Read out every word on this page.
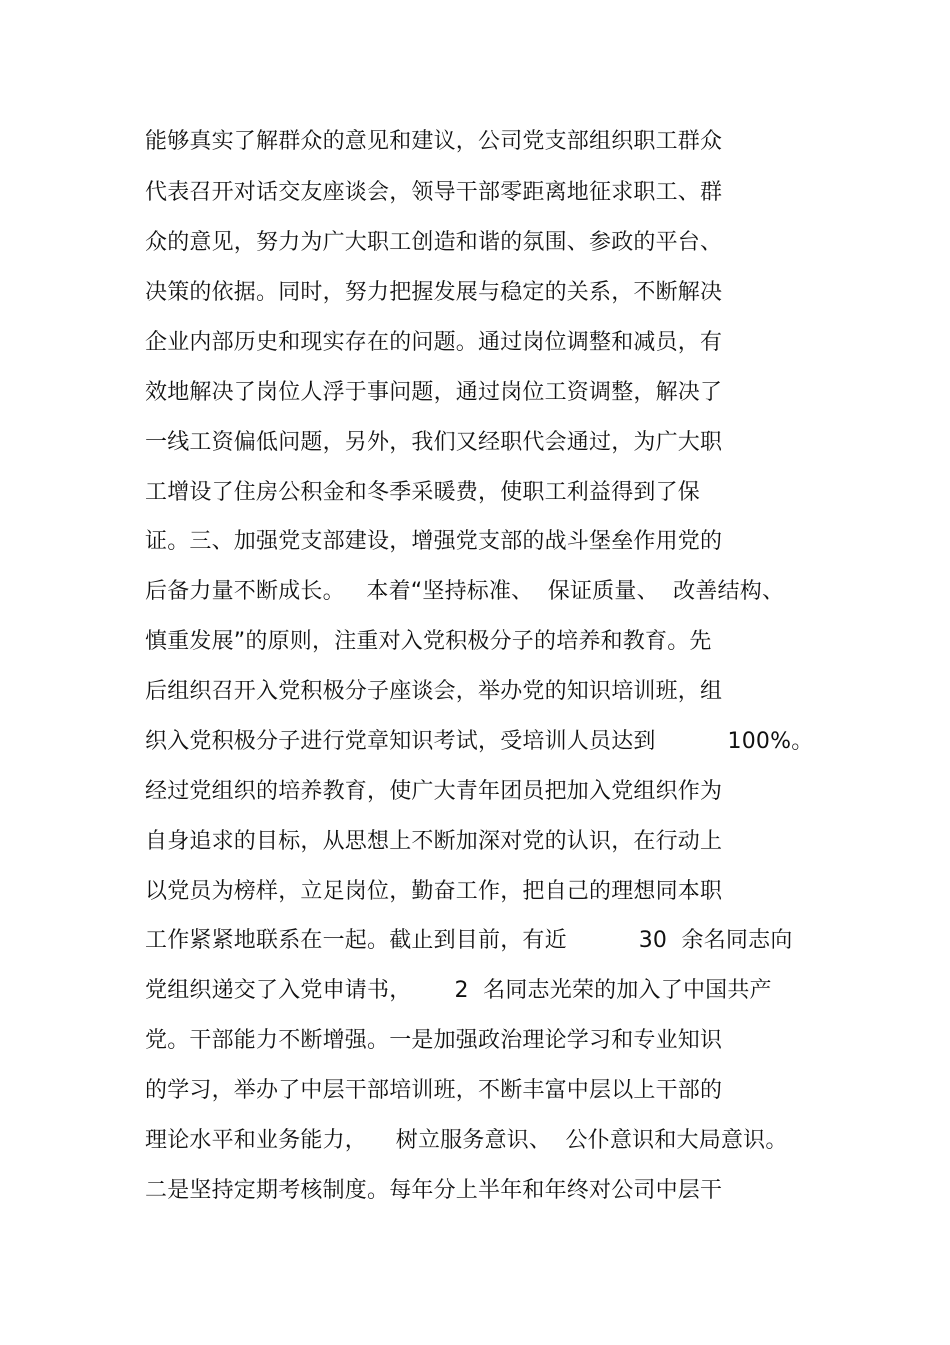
能够真实了解群众的意见和建议，公司党支部组织职工群众
代表召开对话交友座谈会，领导干部零距离地征求职工、群
众的意见，努力为广大职工创造和谐的氛围、参政的平台、
决策的依据。同时，努力把握发展与稳定的关系，不断解决
企业内部历史和现实存在的问题。通过岗位调整和减员，有
效地解决了岗位人浮于事问题，通过岗位工资调整，解决了
一线工资偏低问题，另外，我们又经职代会通过，为广大职
工增设了住房公积金和冬季采暖费，使职工利益得到了保
证。三、加强党支部建设，增强党支部的战斗堡垒作用党的
后备力量不断成长。   本着“坚持标准、  保证质量、  改善结构、
慎重发展”的原则，注重对入党积极分子的培养和教育。先
后组织召开入党积极分子座谈会，举办党的知识培训班，组
织入党积极分子进行党章知识考试，受培训人员达到          100%。
经过党组织的培养教育，使广大青年团员把加入党组织作为
自身追求的目标，从思想上不断加深对党的认识，在行动上
以党员为榜样，立足岗位，勤奋工作，把自己的理想同本职
工作紧紧地联系在一起。截止到目前，有近          30  余名同志向
党组织递交了入党申请书，      2  名同志光荣的加入了中国共产
党。干部能力不断增强。一是加强政治理论学习和专业知识
的学习，举办了中层干部培训班，不断丰富中层以上干部的
理论水平和业务能力，    树立服务意识、  公仆意识和大局意识。
二是坚持定期考核制度。每年分上半年和年终对公司中层干
